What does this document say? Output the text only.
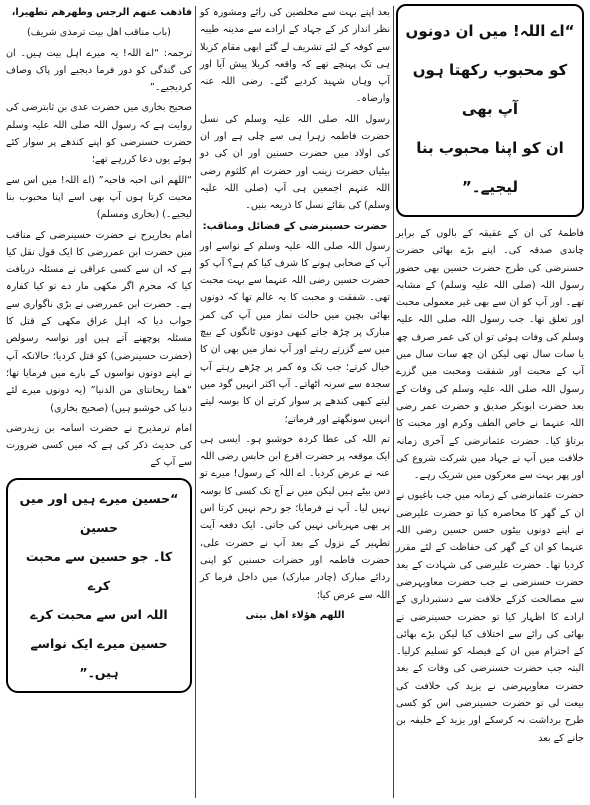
“اے اللہ! میں ان دونوں
کو محبوب رکھتا ہوں آپ بھی
ان کو اپنا محبوب بنا لیجیے۔”

فاطمۂ کی ان کے عقیقہ کے بالوں کے برابر چاندی صدقہ کی۔ اپنے بڑے بھائی حضرت حسنرضی کی طرح حضرت حسین بھی حضور رسول اللہ (صلی اللہ علیہ وسلم) کے مشابہ تھے۔ اور آپ کو ان سے بھی غیر معمولی محبت اور تعلق تھا۔ جب رسول اللہ صلی اللہ علیہ وسلم کی وفات ہوئی تو ان کی عمر صرف چھ یا سات سال تھی لیکن ان چھ سات سال میں آپ کے محبت اور شفقت ومحبت میں گزرے رسول اللہ صلی اللہ علیہ وسلم کی وفات کے بعد حضرت ابوبکر صدیق و حضرت عمر رضی اللہ عنہما نے خاص الطف وکرم اور محبت کا برتاؤ کیا۔ حضرت عثمانرضی کے آخری زمانہ خلافت میں آپ نے جہاد میں شرکت شروع کی اور پھر بہت سے معرکوں میں شریک رہے۔

حضرت عثمانرضی کے زمانہ میں جب باغیوں نے ان کے گھر کا محاصرہ کیا تو حضرت علیرضی نے اپنے دونوں بیٹوں حسن حسین رضی اللہ عنہما کو ان کے گھر کی حفاظت کے لئے مقرر کردیا تھا۔ حضرت علیرضی کی شہادت کے بعد حضرت حسنرضی نے جب حضرت معاویہرضی سے مصالحت کرکے خلافت سے دستبرداری کے ارادے کا اظہار کیا تو حضرت حسینرضی نے بھائی کی رائے سے اختلاف کیا لیکن بڑے بھائی کے احترام میں ان کے فیصلہ کو تسلیم کرلیا۔ البتہ جب حضرت حسنرضی کی وفات کے بعد حضرت معاویہرضی نے یزید کی خلافت کی بیعت لی تو حضرت حسینرضی اس کو کسی طرح برداشت نہ کرسکے اور یزید کے خلیفہ بن جانے کے بعد

بعد اپنے بہت سے مخلصین کی رائے ومشورہ کو نظر انداز کر کے جہاد کے ارادے سے مدینہ طیبہ سے کوفہ کے لئے تشریف لے گئے ابھی مقام کربلا ہی تک پہنچے تھے کہ واقعہ کربلا پیش آیا اور آپ وہاں شہید کردیے گئے۔ رضی اللہ عنہ وارضاہ۔

رسول اللہ صلی اللہ علیہ وسلم کی نسل حضرت فاطمہ زہرا ہی سے چلی ہے اور ان کی اولاد میں حضرت حسنین اور ان کی دو بیٹیاں حضرت زینب اور حضرت ام کلثوم رضی اللہ عنہم اجمعین ہی آپ (صلی اللہ علیہ وسلم) کی بقائے نسل کا ذریعہ بنیں۔

حضرت حسینرضی کے فضائل ومناقب:

رسول اللہ صلی اللہ علیہ وسلم کے نواسے اور آپ کے صحابی ہونے کا شرف کیا کم ہے؟ آپ کو حضرت حسین رضی اللہ عنہما سے بہت محبت تھی۔ شفقت و محبت کا یہ عالم تھا کہ دونوں بھائی بچپن میں حالت نماز میں آپ کی کمر مبارک پر چڑھ جاتے کبھی دونوں ٹانگوں کے بیچ میں سے گزرتے رہتے اور آپ نماز میں بھی ان کا خیال کرتے؛ جب تک وہ کمر پر چڑھے رہتے آپ سجدہ سے سرنہ اٹھاتے۔ آپ اکثر انہیں گود میں لیتے کبھی کندھے پر سوار کرتے ان کا بوسہ لیتے انہیں سونگھتے اور فرماتے؛

تم اللہ کی عطا کردہ خوشبو ہو۔ ایسی ہی ایک موقعہ پر حضرت اقرع ابن حابس رضی اللہ عنہ نے عرض کردیا۔ اے اللہ کے رسول! میرے تو دس بیٹے ہیں لیکن میں نے آج تک کسی کا بوسہ نہیں لیا۔ آپ نے فرمایا؛ جو رحم نہیں کرتا اس پر بھی مہربانی نہیں کی جاتی۔ ایک دفعہ آیت تطہیر کے نزول کے بعد آپ نے حضرت علی، حضرت فاطمہ اور حضرات حسنین کو اپنی ردائے مبارک (چادر مبارک) میں داخل فرما کر اللہ سے عرض کیا؛

اللھم ھؤلاء اھل بیتی

فاذھب عنھم الرجس وطھرھم تطھيرا،

(باب مناقب اھل بیت ترمذی شریف)

ترجمہ: “اے اللہ! یہ میرے اہل بیت ہیں۔ ان کی گندگی کو دور فرما دیجیے اور پاک وصاف کردیجیے۔”

صحیح بخاری میں حضرت عدی بن ثابترضی کی روایت ہے کہ رسول اللہ صلی اللہ علیہ وسلم حضرت حسنرضی کو اپنے کندھے پر سوار کئے ہوئے یوں دعا کررہے تھے؛

“اللھم انی احبہ فاحبہ” (اے اللہ! میں اس سے محبت کرتا ہوں آپ بھی اسے اپنا محبوب بنا لیجیے۔) (بخاری ومسلم)

امام بخاریرح نے حضرت حسینرضی کے مناقب میں حضرت ابن عمررضی کا ایک قول نقل کیا ہے کہ ان سے کسی عراقی نے مسئلہ دریافت کیا کہ محرم اگر مکھی مار دے تو کیا کفارہ ہے۔ حضرت ابن عمررضی نے بڑی ناگواری سے جواب دیا کہ اہل عراق مکھی کے قتل کا مسئلہ پوچھنے آتے ہیں اور نواسہ رسولص (حضرت حسینرضی) کو قتل کردیا؛ حالانکہ آپ نے اپنے دونوں نواسوں کے بارے میں فرمایا تھا؛ “ھما ریحانتای من الدنیا” (یہ دونوں میرے لئے دنیا کی خوشبو ہیں) (صحیح بخاری)

امام ترمذیرح نے حضرت اسامہ بن زیدرضی کی حدیث ذکر کی ہے کہ میں کسی ضرورت سے آپ کے

“حسین میرے ہیں اور میں حسین
کا۔ جو حسین سے محبت کرے
اللہ اس سے محبت کرے
حسین میرے ایک نواسے ہیں۔”
